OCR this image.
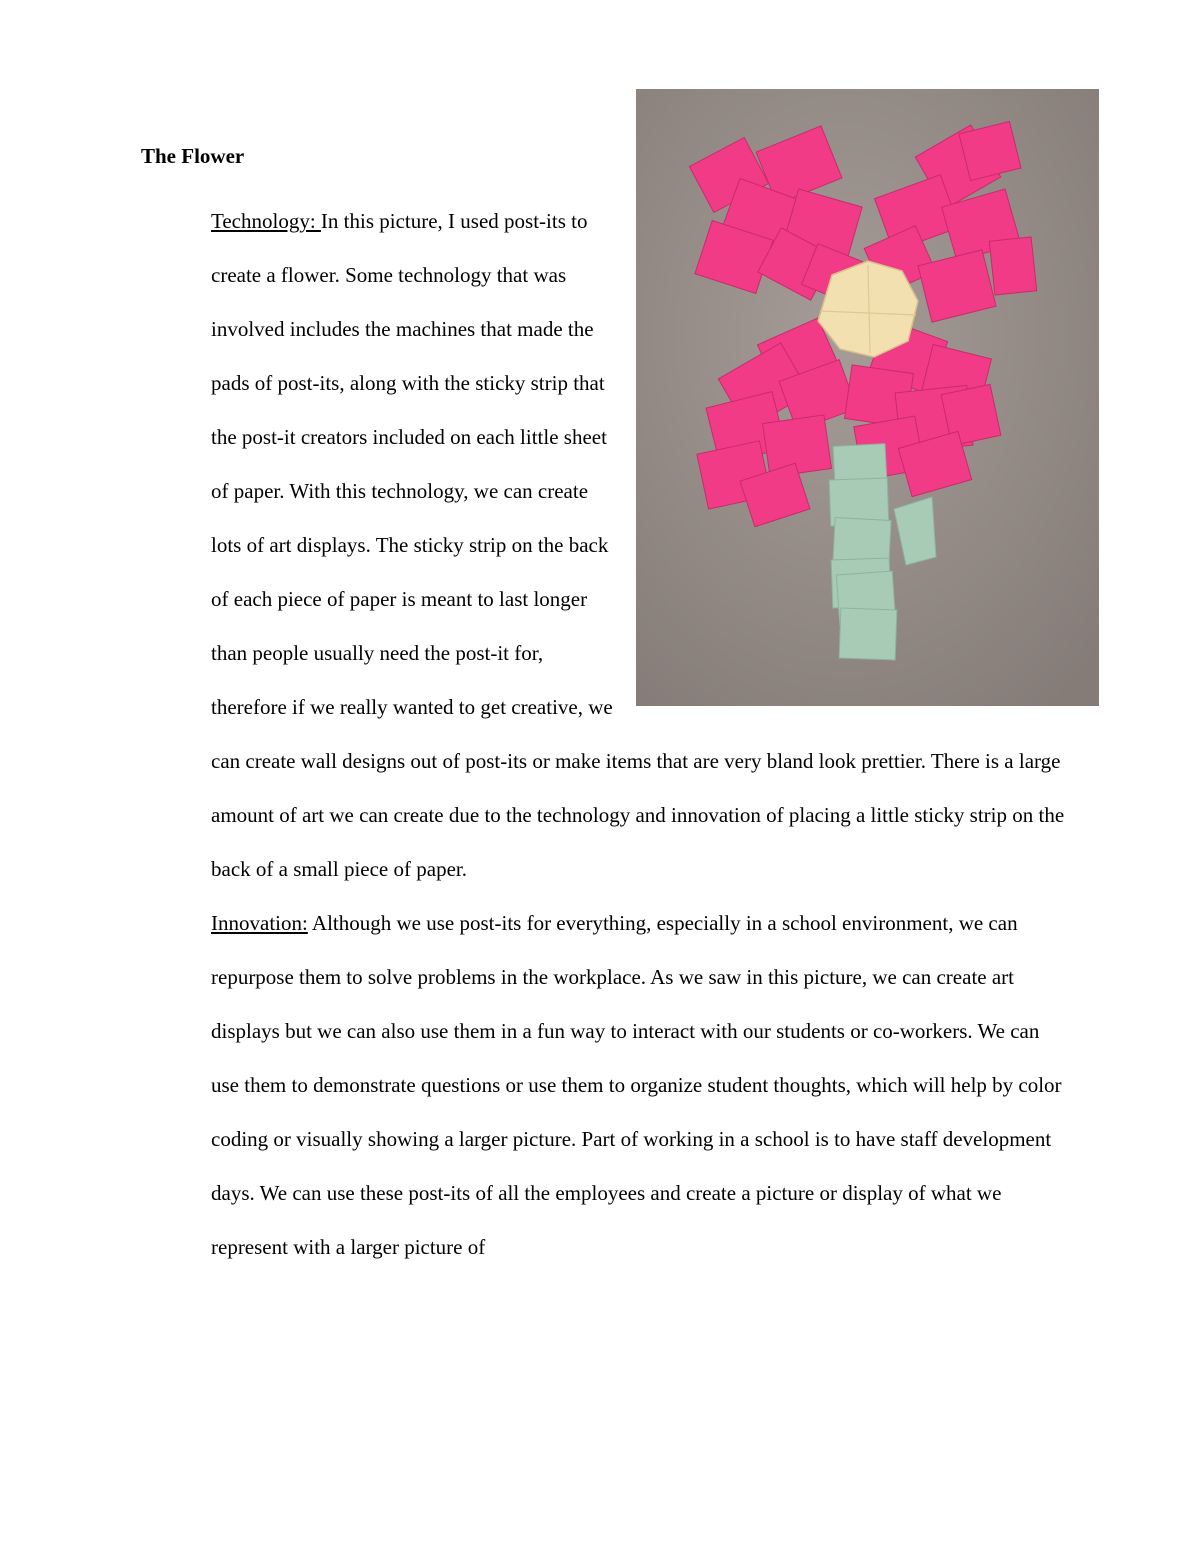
The Flower

Technology: In this picture, I used post-its to create a flower. Some technology that was involved includes the machines that made the pads of post-its, along with the sticky strip that the post-it creators included on each little sheet of paper. With this technology, we can create lots of art displays. The sticky strip on the back of each piece of paper is meant to last longer than people usually need the post-it for, therefore if we really wanted to get creative, we can create wall designs out of post-its or make items that are very bland look prettier. There is a large amount of art we can create due to the technology and innovation of placing a little sticky strip on the back of a small piece of paper.

Innovation: Although we use post-its for everything, especially in a school environment, we can repurpose them to solve problems in the workplace. As we saw in this picture, we can create art displays but we can also use them in a fun way to interact with our students or co-workers. We can use them to demonstrate questions or use them to organize student thoughts, which will help by color coding or visually showing a larger picture. Part of working in a school is to have staff development days. We can use these post-its of all the employees and create a picture or display of what we represent with a larger picture of
